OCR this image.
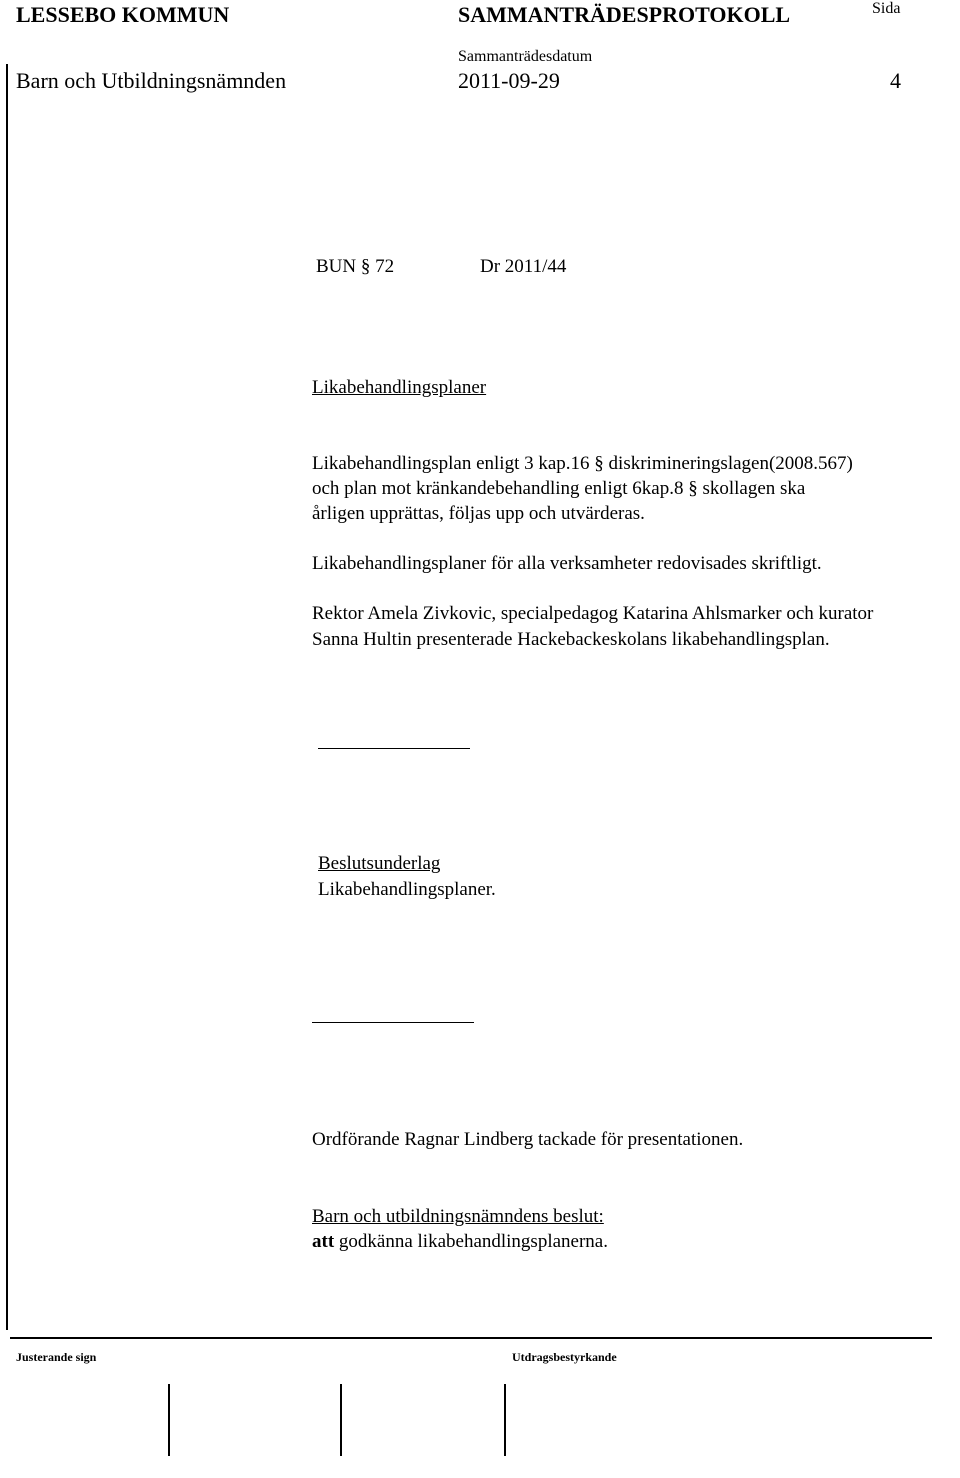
LESSEBO KOMMUN	SAMMANTRÄDESPROTOKOLL	Sida
Sammanträdesdatum
Barn och Utbildningsnämnden	2011-09-29	4
BUN § 72	Dr 2011/44
Likabehandlingsplaner
Likabehandlingsplan enligt 3 kap.16 § diskrimineringslagen(2008.567)
och plan mot kränkandebehandling enligt 6kap.8 § skollagen ska
årligen upprättas, följas upp och utvärderas.
Likabehandlingsplaner för alla verksamheter redovisades skriftligt.
Rektor Amela Zivkovic, specialpedagog Katarina Ahlsmarker och kurator
Sanna Hultin presenterade Hackebackeskolans likabehandlingsplan.
Beslutsunderlag
Likabehandlingsplaner.
Ordförande Ragnar Lindberg tackade för presentationen.
Barn och utbildningsnämndens beslut:
att godkänna likabehandlingsplanerna.
Justerande sign	Utdragsbestyrkande
